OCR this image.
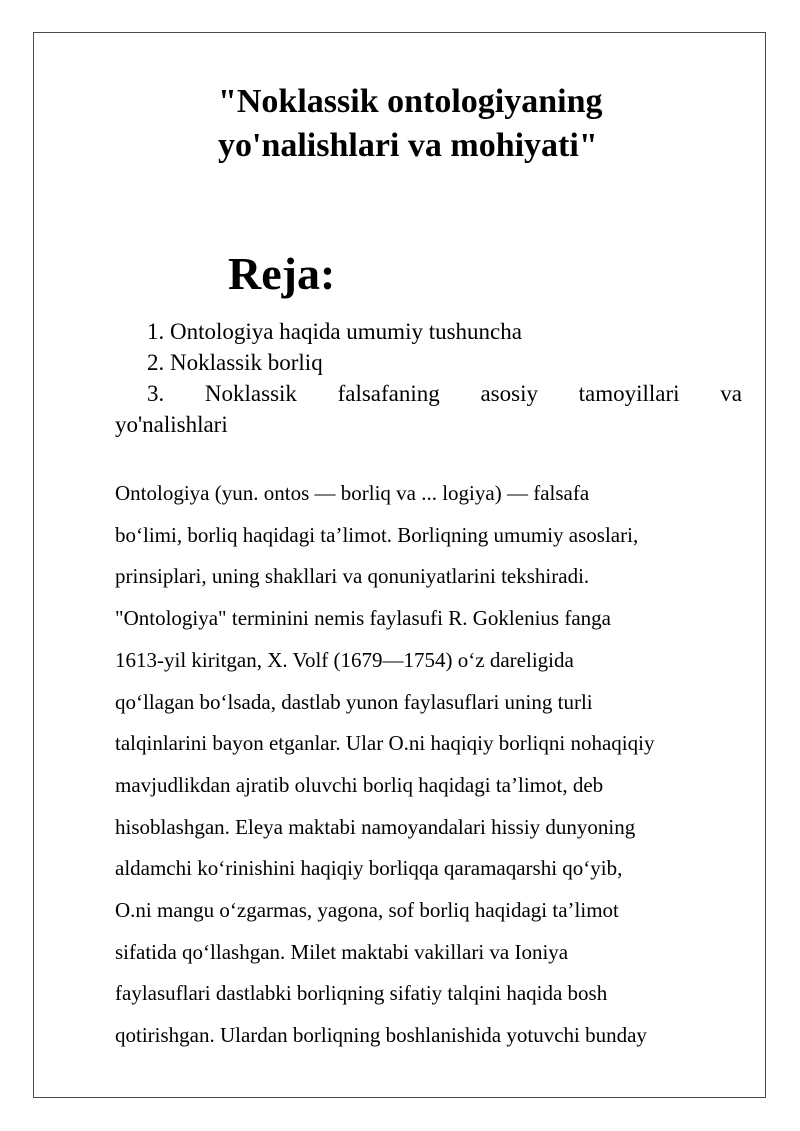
"Noklassik ontologiyaning
yo'nalishlari va mohiyati"
Reja:
1. Ontologiya haqida umumiy tushuncha
2. Noklassik borliq
3. Noklassik falsafaning asosiy tamoyillari va
yo'nalishlari

Ontologiya (yun. ontos — borliq va ... logiya) — falsafa
bo‘limi, borliq haqidagi ta’limot. Borliqning umumiy asoslari,
prinsiplari, uning shakllari va qonuniyatlarini tekshiradi.
"Ontologiya" terminini nemis faylasufi R. Goklenius fanga
1613-yil kiritgan, X. Volf (1679—1754) o‘z dareligida
qo‘llagan bo‘lsada, dastlab yunon faylasuflari uning turli
talqinlarini bayon etganlar. Ular O.ni haqiqiy borliqni nohaqiqiy
mavjudlikdan ajratib oluvchi borliq haqidagi ta’limot, deb
hisoblashgan. Eleya maktabi namoyandalari hissiy dunyoning
aldamchi ko‘rinishini haqiqiy borliqqa qaramaqarshi qo‘yib,
O.ni mangu o‘zgarmas, yagona, sof borliq haqidagi ta’limot
sifatida qo‘llashgan. Milet maktabi vakillari va Ioniya
faylasuflari dastlabki borliqning sifatiy talqini haqida bosh
qotirishgan. Ulardan borliqning boshlanishida yotuvchi bunday
